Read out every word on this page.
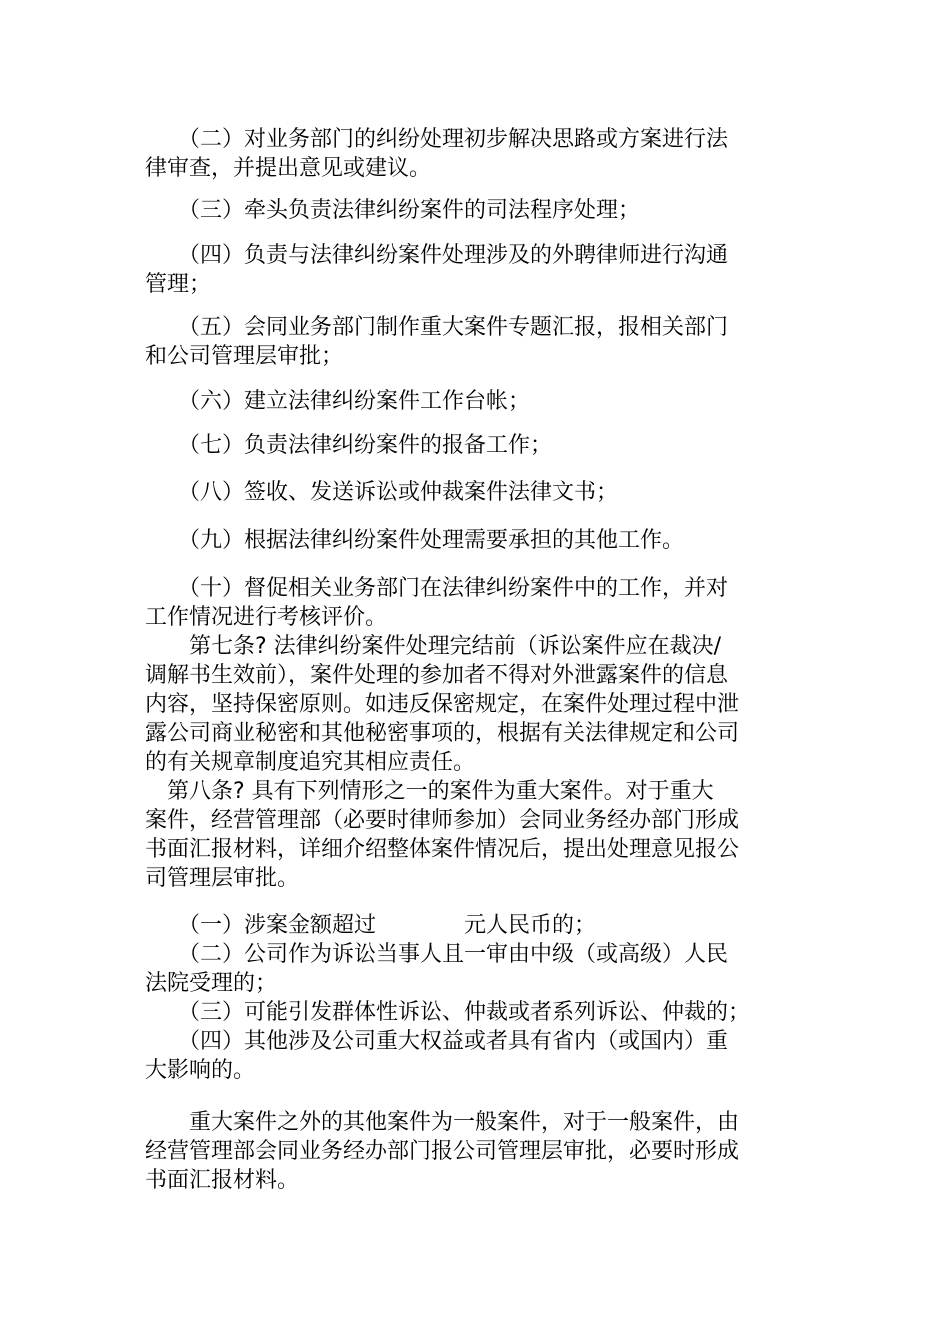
　　（二）对业务部门的纠纷处理初步解决思路或方案进行法
律审查，并提出意见或建议。
　　（三）牵头负责法律纠纷案件的司法程序处理；
　　（四）负责与法律纠纷案件处理涉及的外聘律师进行沟通
管理；
　　（五）会同业务部门制作重大案件专题汇报，报相关部门
和公司管理层审批；
　　（六）建立法律纠纷案件工作台帐；
　　（七）负责法律纠纷案件的报备工作；
　　（八）签收、发送诉讼或仲裁案件法律文书；
　　（九）根据法律纠纷案件处理需要承担的其他工作。
　　（十）督促相关业务部门在法律纠纷案件中的工作，并对
工作情况进行考核评价。
　　第七条? 法律纠纷案件处理完结前（诉讼案件应在裁决/
调解书生效前），案件处理的参加者不得对外泄露案件的信息
内容，坚持保密原则。如违反保密规定，在案件处理过程中泄
露公司商业秘密和其他秘密事项的，根据有关法律规定和公司
的有关规章制度追究其相应责任。
　第八条? 具有下列情形之一的案件为重大案件。对于重大
案件，经营管理部（必要时律师参加）会同业务经办部门形成
书面汇报材料，详细介绍整体案件情况后，提出处理意见报公
司管理层审批。
　　（一）涉案金额超过　　　　元人民币的；
　　（二）公司作为诉讼当事人且一审由中级（或高级）人民
法院受理的；
　　（三）可能引发群体性诉讼、仲裁或者系列诉讼、仲裁的；
　　（四）其他涉及公司重大权益或者具有省内（或国内）重
大影响的。
　　重大案件之外的其他案件为一般案件，对于一般案件，由
经营管理部会同业务经办部门报公司管理层审批，必要时形成
书面汇报材料。
